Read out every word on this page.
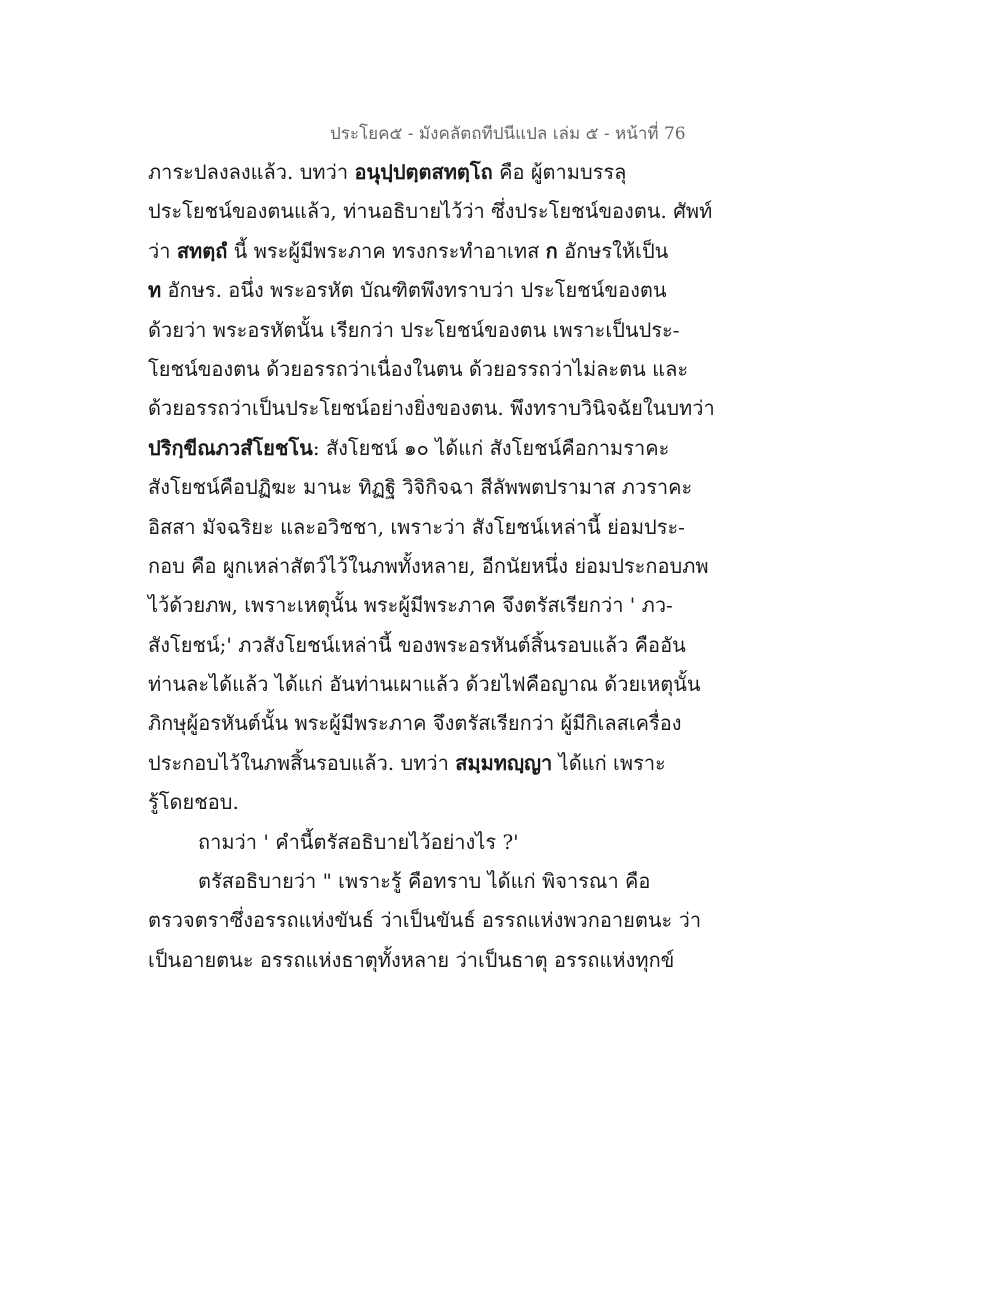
ประโยค๕ - มังคลัตถทีปนีแปล เล่ม ๕ - หน้าที่ 76
ภาระปลงลงแล้ว. บทว่า อนุปฺปตฺตสทตฺโถ คือ ผู้ตามบรรลุ
ประโยชน์ของตนแล้ว, ท่านอธิบายไว้ว่า ซึ่งประโยชน์ของตน. ศัพท์
ว่า สทตฺถํ นี้ พระผู้มีพระภาค ทรงกระทำอาเทส ก อักษรให้เป็น
ท อักษร. อนึ่ง พระอรหัต บัณฑิตพึงทราบว่า ประโยชน์ของตน
ด้วยว่า พระอรหัตนั้น เรียกว่า ประโยชน์ของตน เพราะเป็นประ-
โยชน์ของตน ด้วยอรรถว่าเนื่องในตน ด้วยอรรถว่าไม่ละตน และ
ด้วยอรรถว่าเป็นประโยชน์อย่างยิ่งของตน. พึงทราบวินิจฉัยในบทว่า
ปริกฺขีณภวสํโยชโน: สังโยชน์ ๑๐ ได้แก่ สังโยชน์คือกามราคะ
สังโยชน์คือปฏิฆะ มานะ ทิฏฐิ วิจิกิจฉา สีลัพพตปรามาส ภวราคะ
อิสสา มัจฉริยะ และอวิชชา, เพราะว่า สังโยชน์เหล่านี้ ย่อมประ-
กอบ คือ ผูกเหล่าสัตว์ไว้ในภพทั้งหลาย, อีกนัยหนึ่ง ย่อมประกอบภพ
ไว้ด้วยภพ, เพราะเหตุนั้น พระผู้มีพระภาค จึงตรัสเรียกว่า ' ภว-
สังโยชน์;' ภวสังโยชน์เหล่านี้ ของพระอรหันต์สิ้นรอบแล้ว คืออัน
ท่านละได้แล้ว ได้แก่ อันท่านเผาแล้ว ด้วยไฟคือญาณ ด้วยเหตุนั้น
ภิกษุผู้อรหันต์นั้น พระผู้มีพระภาค จึงตรัสเรียกว่า ผู้มีกิเลสเครื่อง
ประกอบไว้ในภพสิ้นรอบแล้ว. บทว่า สมฺมทญฺญา ได้แก่ เพราะ
รู้โดยชอบ.
ถามว่า ' คำนี้ตรัสอธิบายไว้อย่างไร ?'
ตรัสอธิบายว่า " เพราะรู้ คือทราบ ได้แก่ พิจารณา คือ
ตรวจตราซึ่งอรรถแห่งขันธ์ ว่าเป็นขันธ์ อรรถแห่งพวกอายตนะ ว่า
เป็นอายตนะ อรรถแห่งธาตุทั้งหลาย ว่าเป็นธาตุ อรรถแห่งทุกข์
